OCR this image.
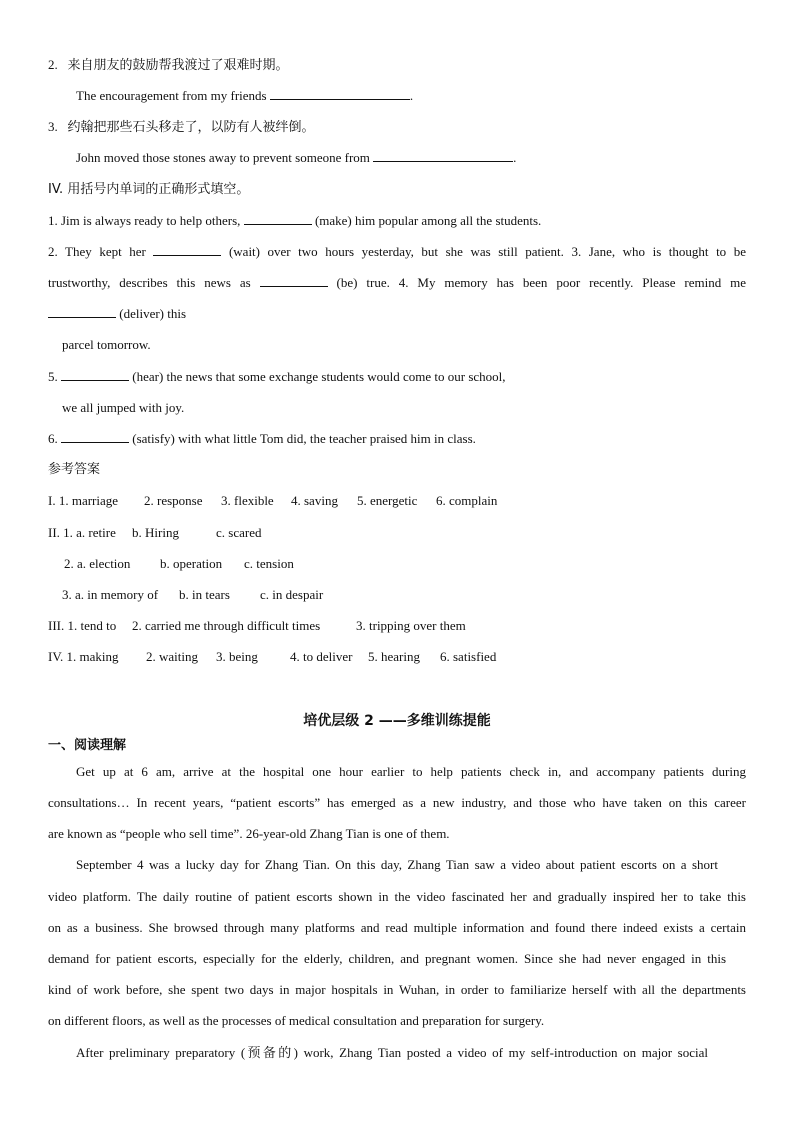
2. 来自朋友的鼓励帮我渡过了艰难时期。
The encouragement from my friends	.
3. 约翰把那些石头移走了，以防有人被绊倒。
John moved those stones away to prevent someone from	.
IV. 用括号内单词的正确形式填空。
1. Jim is always ready to help others,	(make) him popular among all the students.
2. They kept her	(wait) over two hours yesterday, but she was still patient. 3. Jane, who is thought to be
trustworthy, describes this news as	(be) true. 4. My memory has been poor recently. Please remind me
(deliver) this
parcel tomorrow.
5.	(hear) the news that some exchange students would come to our school,
we all jumped with joy.
6.	(satisfy) with what little Tom did, the teacher praised him in class.
参考答案
I. 1. marriage 2. response 3. flexible 4. saving 5. energetic 6. complain
II. 1. a. retire b. Hiring	c. scared
2. a. election b. operation c. tension
3. a. in memory of b. in tears c. in despair
III. 1. tend to 2. carried me through difficult times	3. tripping over them
IV. 1. making 2. waiting 3. being 4. to deliver 5. hearing 6. satisfied
培优层级 2 ——多维训练提能
一、阅读理解
Get up at 6 am, arrive at the hospital one hour earlier to help patients check in, and accompany patients during
consultations… In recent years, “patient escorts” has emerged as a new industry, and those who have taken on this career
are known as “people who sell time”. 26-year-old Zhang Tian is one of them.
September 4 was a lucky day for Zhang Tian. On this day, Zhang Tian saw a video about patient escorts on a short
video platform. The daily routine of patient escorts shown in the video fascinated her and gradually inspired her to take this
on as a business. She browsed through many platforms and read multiple information and found there indeed exists a certain
demand for patient escorts, especially for the elderly, children, and pregnant women. Since she had never engaged in this
kind of work before, she spent two days in major hospitals in Wuhan, in order to familiarize herself with all the departments
on different floors, as well as the processes of medical consultation and preparation for surgery.
After preliminary preparatory (预备的) work, Zhang Tian posted a video of my self-introduction on major social
